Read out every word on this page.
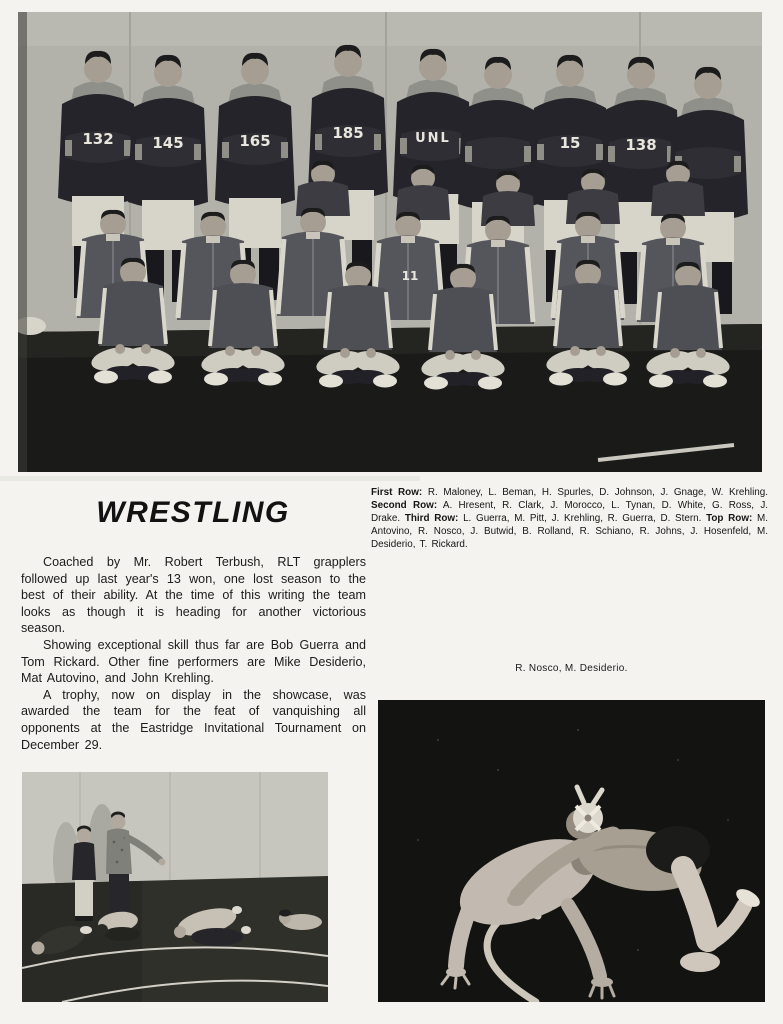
132	145	165	185	UNL	15	138
11

First Row: R. Maloney, L. Beman, H. Spurles, D. Johnson, J. Gnage, W. Krehling. Second Row: A. Hresent, R. Clark, J. Morocco, L. Tynan, D. White, G. Ross, J. Drake. Third Row: L. Guerra, M. Pitt, J. Krehling, R. Guerra, D. Stern. Top Row: M. Antovino, R. Nosco, J. Butwid, B. Rolland, R. Schiano, R. Johns, J. Hosenfeld, M. Desiderio, T. Rickard.

WRESTLING

Coached by Mr. Robert Terbush, RLT grapplers followed up last year's 13 won, one lost season to the best of their ability. At the time of this writing the team looks as though it is heading for another victorious season.

Showing exceptional skill thus far are Bob Guerra and Tom Rickard. Other fine performers are Mike Desiderio, Mat Autovino, and John Krehling.

A trophy, now on display in the showcase, was awarded the team for the feat of vanquishing all opponents at the Eastridge Invitational Tournament on December 29.

R. Nosco, M. Desiderio.
